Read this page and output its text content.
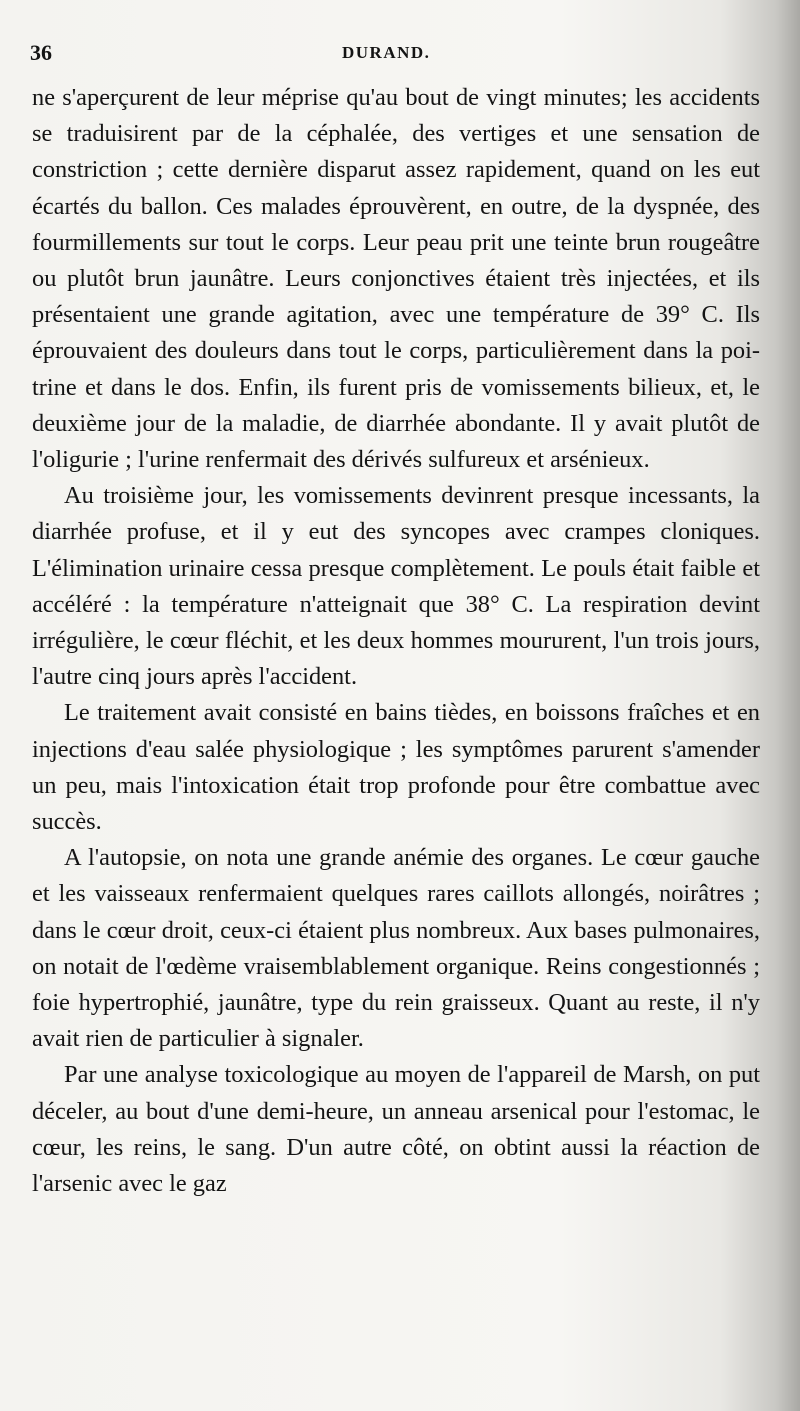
36	DURAND.

ne s'aperçurent de leur méprise qu'au bout de vingt minutes; les accidents se traduisirent par de la céphalée, des vertiges et une sensation de constriction ; cette dernière disparut assez rapidement, quand on les eut écartés du ballon. Ces malades éprouvèrent, en outre, de la dyspnée, des fourmillements sur tout le corps. Leur peau prit une teinte brun rougeâtre ou plutôt brun jaunâtre. Leurs conjonctives étaient très injectées, et ils présentaient une grande agitation, avec une température de 39° C. Ils éprouvaient des douleurs dans tout le corps, particulièrement dans la poitrine et dans le dos. Enfin, ils furent pris de vomissements bilieux, et, le deuxième jour de la maladie, de diarrhée abondante. Il y avait plutôt de l'oligurie ; l'urine renfermait des dérivés sulfureux et arsénieux.

Au troisième jour, les vomissements devinrent presque incessants, la diarrhée profuse, et il y eut des syncopes avec crampes cloniques. L'élimination urinaire cessa presque complètement. Le pouls était faible et accéléré : la température n'atteignait que 38° C. La respiration devint irrégulière, le cœur fléchit, et les deux hommes moururent, l'un trois jours, l'autre cinq jours après l'accident.

Le traitement avait consisté en bains tièdes, en boissons fraîches et en injections d'eau salée physiologique ; les symptômes parurent s'amender un peu, mais l'intoxication était trop profonde pour être combattue avec succès.

A l'autopsie, on nota une grande anémie des organes. Le cœur gauche et les vaisseaux renfermaient quelques rares caillots allongés, noirâtres ; dans le cœur droit, ceux-ci étaient plus nombreux. Aux bases pulmonaires, on notait de l'œdème vraisemblablement organique. Reins congestionnés ; foie hypertrophié, jaunâtre, type du rein graisseux. Quant au reste, il n'y avait rien de particulier à signaler.

Par une analyse toxicologique au moyen de l'appareil de Marsh, on put déceler, au bout d'une demi-heure, un anneau arsenical pour l'estomac, le cœur, les reins, le sang. D'un autre côté, on obtint aussi la réaction de l'arsenic avec le gaz
